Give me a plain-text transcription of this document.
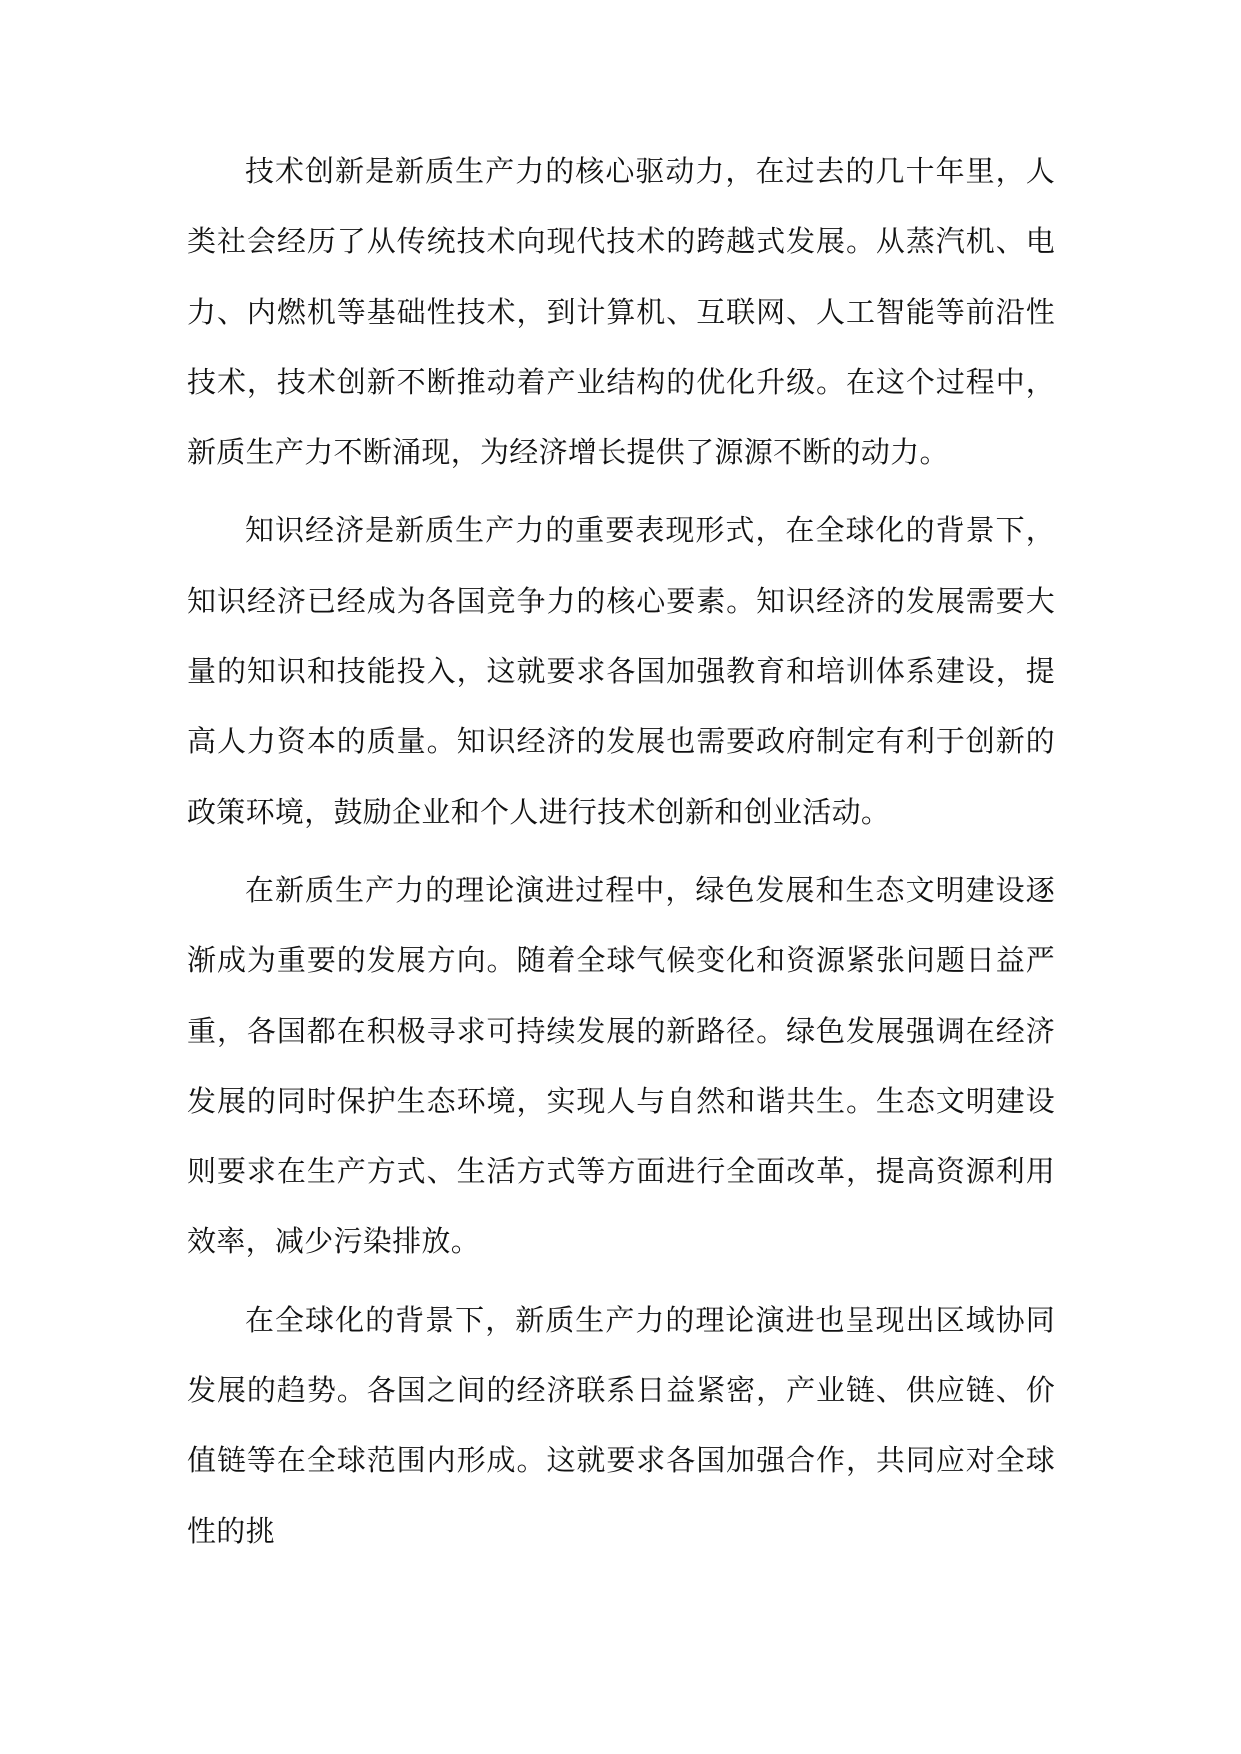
技术创新是新质生产力的核心驱动力，在过去的几十年里，人类社会经历了从传统技术向现代技术的跨越式发展。从蒸汽机、电力、内燃机等基础性技术，到计算机、互联网、人工智能等前沿性技术，技术创新不断推动着产业结构的优化升级。在这个过程中，新质生产力不断涌现，为经济增长提供了源源不断的动力。

知识经济是新质生产力的重要表现形式，在全球化的背景下，知识经济已经成为各国竞争力的核心要素。知识经济的发展需要大量的知识和技能投入，这就要求各国加强教育和培训体系建设，提高人力资本的质量。知识经济的发展也需要政府制定有利于创新的政策环境，鼓励企业和个人进行技术创新和创业活动。

在新质生产力的理论演进过程中，绿色发展和生态文明建设逐渐成为重要的发展方向。随着全球气候变化和资源紧张问题日益严重，各国都在积极寻求可持续发展的新路径。绿色发展强调在经济发展的同时保护生态环境，实现人与自然和谐共生。生态文明建设则要求在生产方式、生活方式等方面进行全面改革，提高资源利用效率，减少污染排放。

在全球化的背景下，新质生产力的理论演进也呈现出区域协同发展的趋势。各国之间的经济联系日益紧密，产业链、供应链、价值链等在全球范围内形成。这就要求各国加强合作，共同应对全球性的挑
